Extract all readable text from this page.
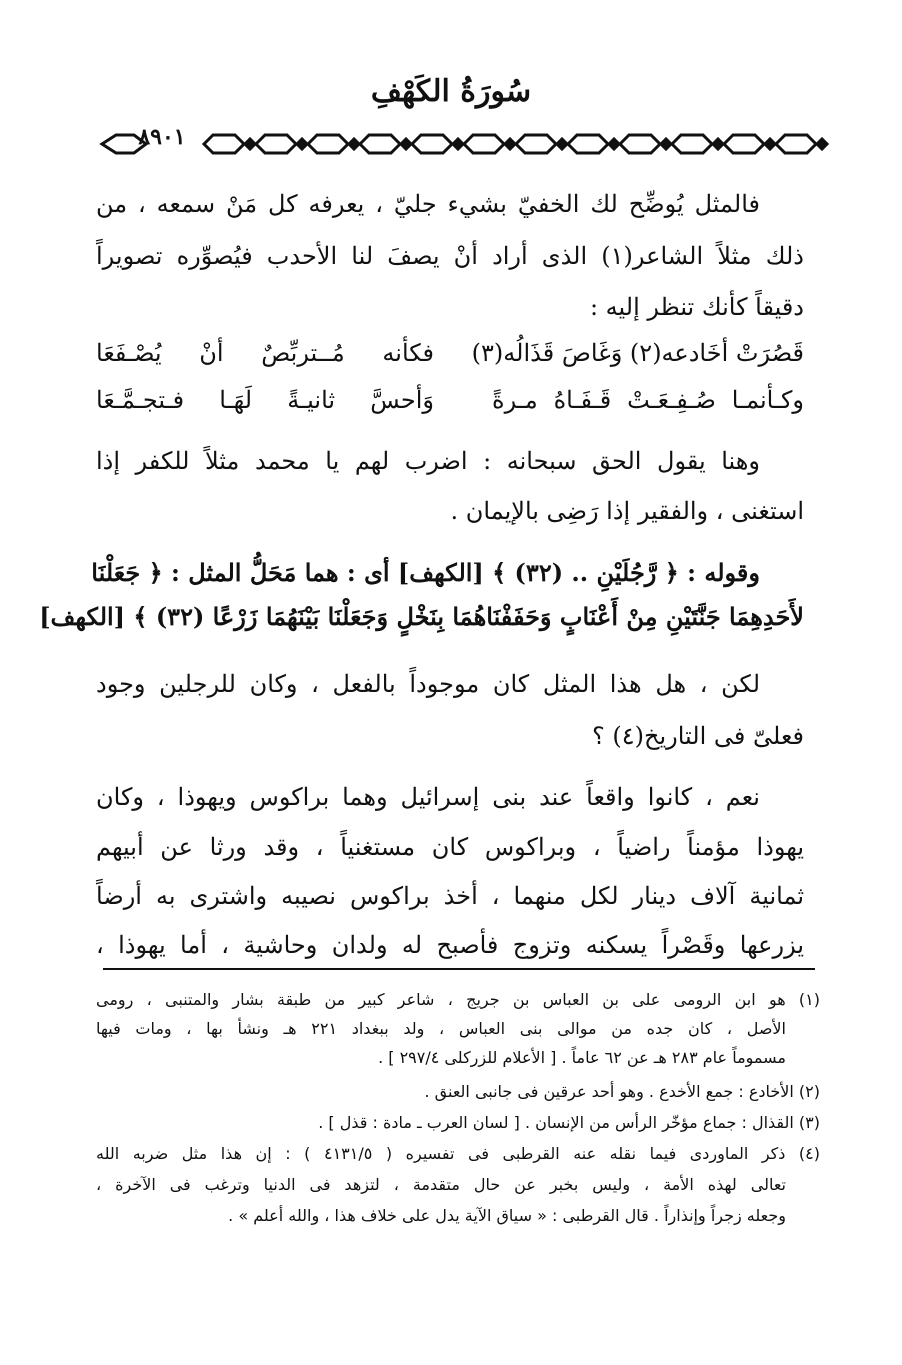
سُورَةُ الكَهْفِ
٨٩٠١
فالمثل يُوضِّح لك الخفيّ بشيء جليّ ، يعرفه كل مَنْ سمعه ، من
ذلك مثلاً الشاعر(١) الذى أراد أنْ يصفَ لنا الأحدب فيُصوِّره تصويراً
دقيقاً كأنك تنظر إليه :
قَصُرَتْ أخَادعه(٢) وَغَاصَ قَذَالُه(٣)
فكأنه مُــتربِّصٌ أنْ يُصْـفَعَا
وكـأنمـا صُـفِـعَـتْ قَـفَـاهُ مـرةً
وَأحسَّ ثانيـةً لَهَـا فـتجـمَّـعَا
وهنا يقول الحق سبحانه : اضرب لهم يا محمد مثلاً للكفر إذا
استغنى ، والفقير إذا رَضِى بالإيمان .
وقوله : ﴿ رَّجُلَيْنِ .. (٣٢) ﴾ [الكهف] أى : هما مَحَلُّ المثل : ﴿ جَعَلْنَا
لأَحَدِهِمَا جَنَّتَيْنِ مِنْ أَعْنَابٍ وَحَفَفْنَاهُمَا بِنَخْلٍ وَجَعَلْنَا بَيْنَهُمَا زَرْعًا (٣٢) ﴾ [الكهف]
لكن ، هل هذا المثل كان موجوداً بالفعل ، وكان للرجلين وجود
فعلىّ فى التاريخ(٤) ؟
نعم ، كانوا واقعاً عند بنى إسرائيل وهما براكوس ويهوذا ، وكان
يهوذا مؤمناً راضياً ، وبراكوس كان مستغنياً ، وقد ورثا عن أبيهم
ثمانية آلاف دينار لكل منهما ، أخذ براكوس نصيبه واشترى به أرضاً
يزرعها وقَصْراً يسكنه وتزوج فأصبح له ولدان وحاشية ، أما يهوذا ،
(١) هو ابن الرومى على بن العباس بن جريج ، شاعر كبير من طبقة بشار والمتنبى ، رومى
الأصل ، كان جده من موالى بنى العباس ، ولد ببغداد ٢٢١ هـ ونشأ بها ، ومات فيها
مسموماً عام ٢٨٣ هـ عن ٦٢ عاماً . [ الأعلام للزركلى ٢٩٧/٤ ] .
(٢) الأخادع : جمع الأخدع . وهو أحد عرقين فى جانبى العنق .
(٣) القذال : جماع مؤخّر الرأس من الإنسان . [ لسان العرب ـ مادة : قذل ] .
(٤) ذكر الماوردى فيما نقله عنه القرطبى فى تفسيره ( ٤١٣١/٥ ) : إن هذا مثل ضربه الله
تعالى لهذه الأمة ، وليس بخبر عن حال متقدمة ، لتزهد فى الدنيا وترغب فى الآخرة ،
وجعله زجراً وإنذاراً . قال القرطبى : « سياق الآية يدل على خلاف هذا ، والله أعلم » .
